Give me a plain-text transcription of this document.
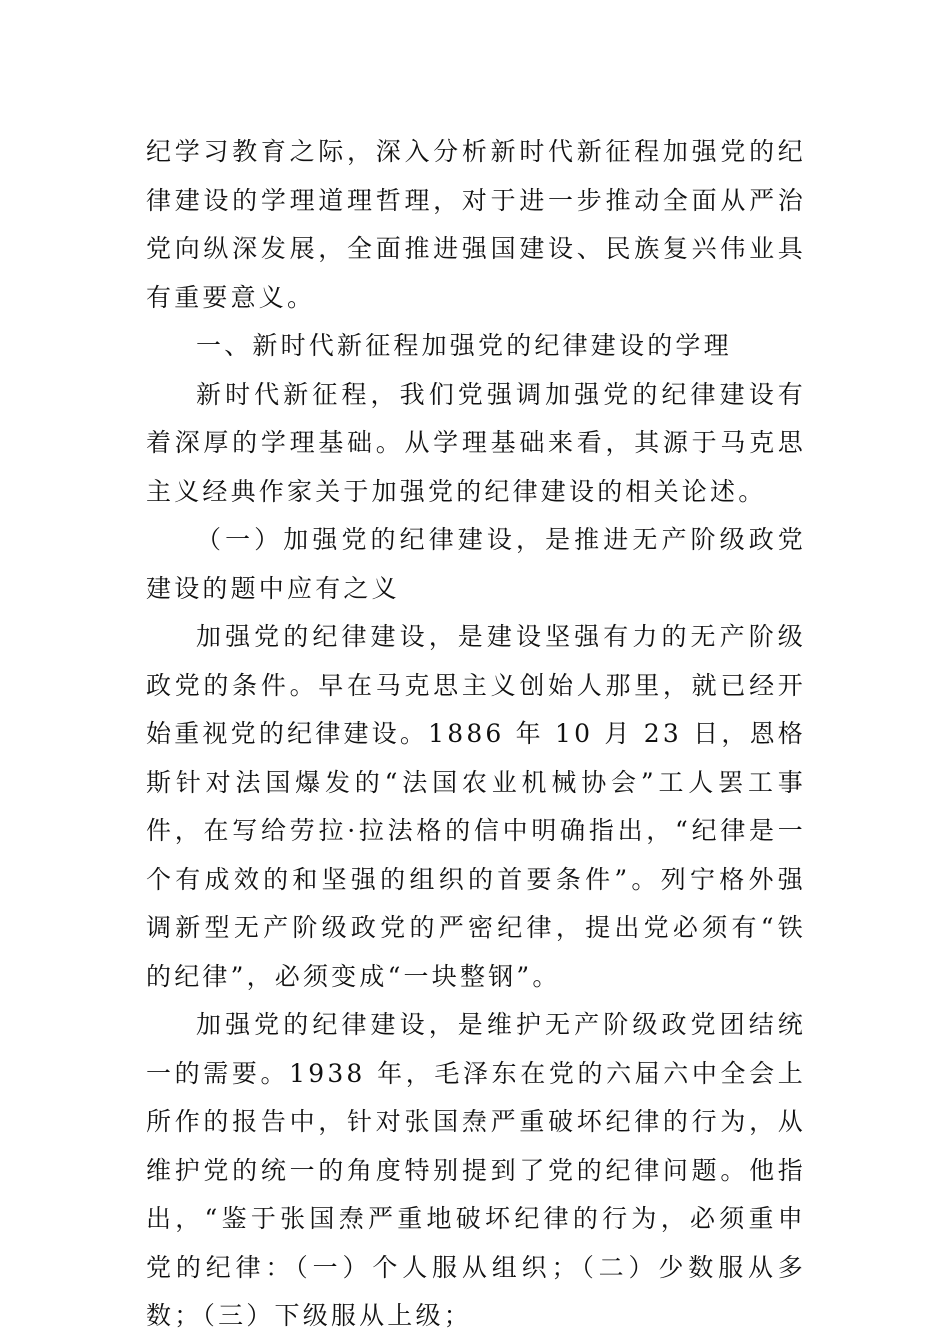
纪学习教育之际，深入分析新时代新征程加强党的纪律建设的学理道理哲理，对于进一步推动全面从严治党向纵深发展，全面推进强国建设、民族复兴伟业具有重要意义。

一、新时代新征程加强党的纪律建设的学理

新时代新征程，我们党强调加强党的纪律建设有着深厚的学理基础。从学理基础来看，其源于马克思主义经典作家关于加强党的纪律建设的相关论述。

（一）加强党的纪律建设，是推进无产阶级政党建设的题中应有之义

加强党的纪律建设，是建设坚强有力的无产阶级政党的条件。早在马克思主义创始人那里，就已经开始重视党的纪律建设。1886 年 10 月 23 日，恩格斯针对法国爆发的“法国农业机械协会”工人罢工事件，在写给劳拉·拉法格的信中明确指出，“纪律是一个有成效的和坚强的组织的首要条件”。列宁格外强调新型无产阶级政党的严密纪律，提出党必须有“铁的纪律”，必须变成“一块整钢”。

加强党的纪律建设，是维护无产阶级政党团结统一的需要。1938 年，毛泽东在党的六届六中全会上所作的报告中，针对张国焘严重破坏纪律的行为，从维护党的统一的角度特别提到了党的纪律问题。他指出，“鉴于张国焘严重地破坏纪律的行为，必须重申党的纪律：（一）个人服从组织；（二）少数服从多数；（三）下级服从上级；
